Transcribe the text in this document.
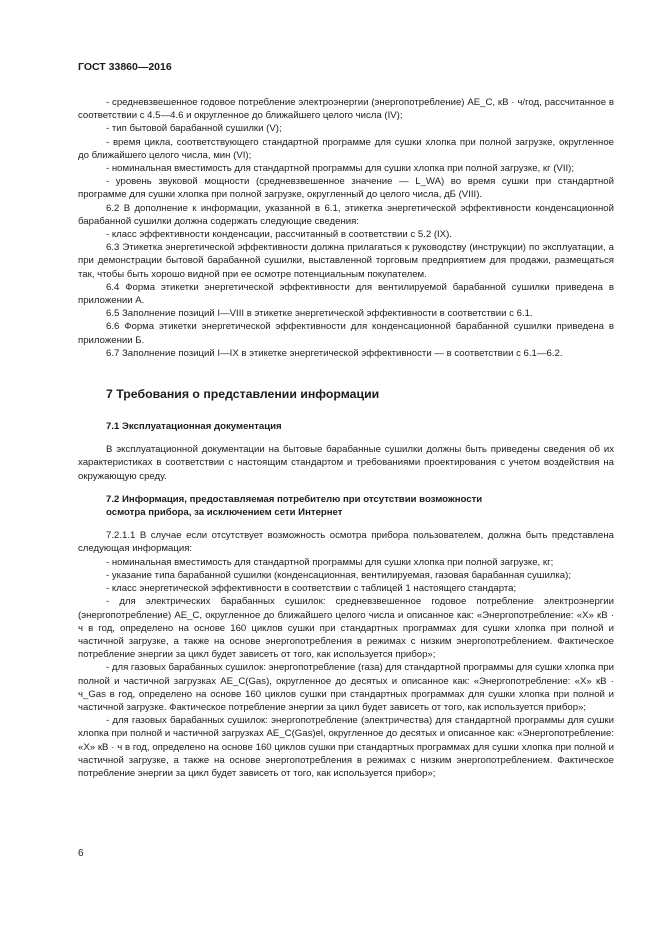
ГОСТ 33860—2016

- средневзвешенное годовое потребление электроэнергии (энергопотребление) AE_C, кВ · ч/год, рассчитанное в соответствии с 4.5—4.6 и округленное до ближайшего целого числа (IV);

- тип бытовой барабанной сушилки (V);

- время цикла, соответствующего стандартной программе для сушки хлопка при полной загрузке, округленное до ближайшего целого числа, мин (VI);

- номинальная вместимость для стандартной программы для сушки хлопка при полной загрузке, кг (VII);

- уровень звуковой мощности (средневзвешенное значение — L_WA) во время сушки при стандартной программе для сушки хлопка при полной загрузке, округленный до целого числа, дБ (VIII).

6.2 В дополнение к информации, указанной в 6.1, этикетка энергетической эффективности конденсационной барабанной сушилки должна содержать следующие сведения:

- класс эффективности конденсации, рассчитанный в соответствии с 5.2 (IX).

6.3 Этикетка энергетической эффективности должна прилагаться к руководству (инструкции) по эксплуатации, а при демонстрации бытовой барабанной сушилки, выставленной торговым предприятием для продажи, размещаться так, чтобы быть хорошо видной при ее осмотре потенциальным покупателем.

6.4 Форма этикетки энергетической эффективности для вентилируемой барабанной сушилки приведена в приложении А.

6.5 Заполнение позиций I—VIII в этикетке энергетической эффективности в соответствии с 6.1.

6.6 Форма этикетки энергетической эффективности для конденсационной барабанной сушилки приведена в приложении Б.

6.7 Заполнение позиций I—IX в этикетке энергетической эффективности — в соответствии с 6.1—6.2.

7 Требования о представлении информации
7.1 Эксплуатационная документация

В эксплуатационной документации на бытовые барабанные сушилки должны быть приведены сведения об их характеристиках в соответствии с настоящим стандартом и требованиями проектирования с учетом воздействия на окружающую среду.

7.2 Информация, предоставляемая потребителю при отсутствии возможности
осмотра прибора, за исключением сети Интернет

7.2.1.1 В случае если отсутствует возможность осмотра прибора пользователем, должна быть представлена следующая информация:

- номинальная вместимость для стандартной программы для сушки хлопка при полной загрузке, кг;

- указание типа барабанной сушилки (конденсационная, вентилируемая, газовая барабанная сушилка);

- класс энергетической эффективности в соответствии с таблицей 1 настоящего стандарта;

- для электрических барабанных сушилок: средневзвешенное годовое потребление электроэнергии (энергопотребление) AE_C, округленное до ближайшего целого числа и описанное как: «Энергопотребление: «Х» кВ · ч в год, определено на основе 160 циклов сушки при стандартных программах для сушки хлопка при полной и частичной загрузке, а также на основе энергопотребления в режимах с низким энергопотреблением. Фактическое потребление энергии за цикл будет зависеть от того, как используется прибор»;

- для газовых барабанных сушилок: энергопотребление (газа) для стандартной программы для сушки хлопка при полной и частичной загрузках AE_C(Gas), округленное до десятых и описанное как: «Энергопотребление: «Х» кВ · ч_Gas в год, определено на основе 160 циклов сушки при стандартных программах для сушки хлопка при полной и частичной загрузке. Фактическое потребление энергии за цикл будет зависеть от того, как используется прибор»;

- для газовых барабанных сушилок: энергопотребление (электричества) для стандартной программы для сушки хлопка при полной и частичной загрузках AE_C(Gas)el, округленное до десятых и описанное как: «Энергопотребление: «Х» кВ · ч в год, определено на основе 160 циклов сушки при стандартных программах для сушки хлопка при полной и частичной загрузке, а также на основе энергопотребления в режимах с низким энергопотреблением. Фактическое потребление энергии за цикл будет зависеть от того, как используется прибор»;

6
